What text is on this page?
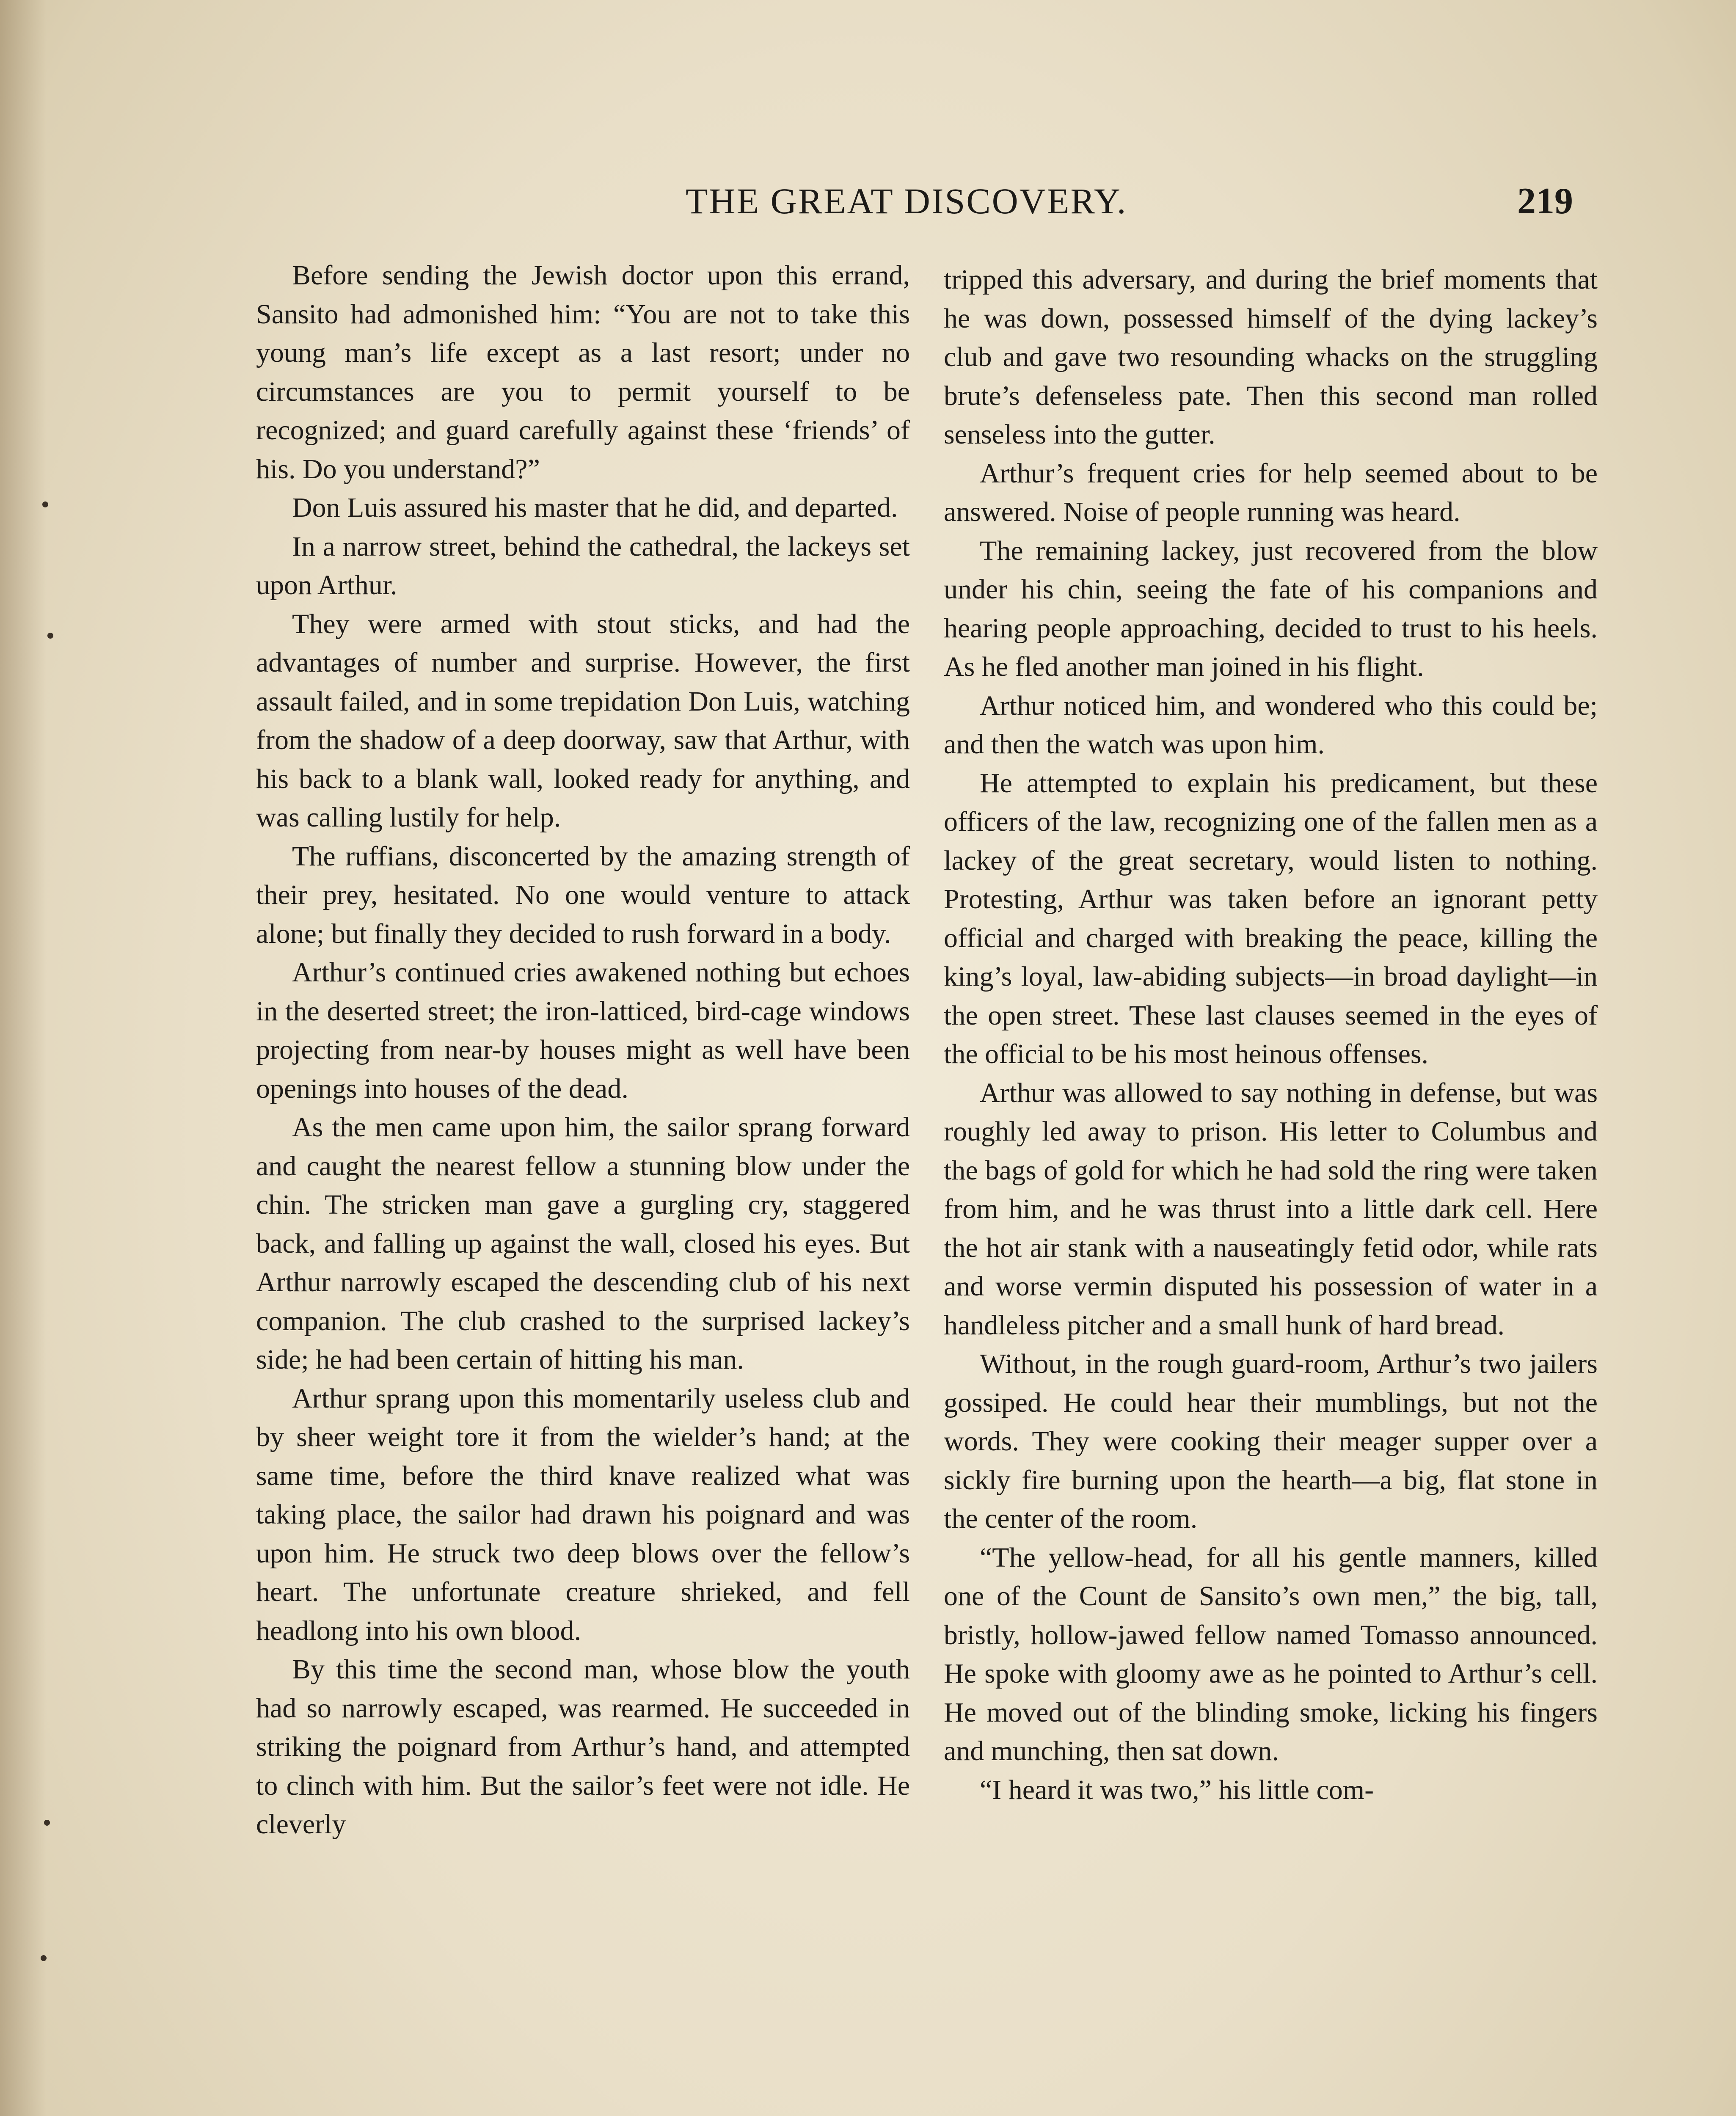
THE GREAT DISCOVERY.	219

Before sending the Jewish doctor upon this errand, Sansito had admonished him: “You are not to take this young man’s life except as a last resort; under no circumstances are you to permit yourself to be recognized; and guard carefully against these ‘friends’ of his. Do you understand?”

Don Luis assured his master that he did, and departed.

In a narrow street, behind the cathedral, the lackeys set upon Arthur.

They were armed with stout sticks, and had the advantages of number and surprise. However, the first assault failed, and in some trepidation Don Luis, watching from the shadow of a deep doorway, saw that Arthur, with his back to a blank wall, looked ready for anything, and was calling lustily for help.

The ruffians, disconcerted by the amazing strength of their prey, hesitated. No one would venture to attack alone; but finally they decided to rush forward in a body.

Arthur’s continued cries awakened nothing but echoes in the deserted street; the iron-latticed, bird-cage windows projecting from near-by houses might as well have been openings into houses of the dead.

As the men came upon him, the sailor sprang forward and caught the nearest fellow a stunning blow under the chin. The stricken man gave a gurgling cry, staggered back, and falling up against the wall, closed his eyes. But Arthur narrowly escaped the descending club of his next companion. The club crashed to the surprised lackey’s side; he had been certain of hitting his man.

Arthur sprang upon this momentarily useless club and by sheer weight tore it from the wielder’s hand; at the same time, before the third knave realized what was taking place, the sailor had drawn his poignard and was upon him. He struck two deep blows over the fellow’s heart. The unfortunate creature shrieked, and fell headlong into his own blood.

By this time the second man, whose blow the youth had so narrowly escaped, was rearmed. He succeeded in striking the poignard from Arthur’s hand, and attempted to clinch with him. But the sailor’s feet were not idle. He cleverly

tripped this adversary, and during the brief moments that he was down, possessed himself of the dying lackey’s club and gave two resounding whacks on the struggling brute’s defenseless pate. Then this second man rolled senseless into the gutter.

Arthur’s frequent cries for help seemed about to be answered. Noise of people running was heard.

The remaining lackey, just recovered from the blow under his chin, seeing the fate of his companions and hearing people approaching, decided to trust to his heels. As he fled another man joined in his flight.

Arthur noticed him, and wondered who this could be; and then the watch was upon him.

He attempted to explain his predicament, but these officers of the law, recognizing one of the fallen men as a lackey of the great secretary, would listen to nothing. Protesting, Arthur was taken before an ignorant petty official and charged with breaking the peace, killing the king’s loyal, law-abiding subjects—in broad daylight—in the open street. These last clauses seemed in the eyes of the official to be his most heinous offenses.

Arthur was allowed to say nothing in defense, but was roughly led away to prison. His letter to Columbus and the bags of gold for which he had sold the ring were taken from him, and he was thrust into a little dark cell. Here the hot air stank with a nauseatingly fetid odor, while rats and worse vermin disputed his possession of water in a handleless pitcher and a small hunk of hard bread.

Without, in the rough guard-room, Arthur’s two jailers gossiped. He could hear their mumblings, but not the words. They were cooking their meager supper over a sickly fire burning upon the hearth—a big, flat stone in the center of the room.

“The yellow-head, for all his gentle manners, killed one of the Count de Sansito’s own men,” the big, tall, bristly, hollow-jawed fellow named Tomasso announced. He spoke with gloomy awe as he pointed to Arthur’s cell. He moved out of the blinding smoke, licking his fingers and munching, then sat down.

“I heard it was two,” his little com-
